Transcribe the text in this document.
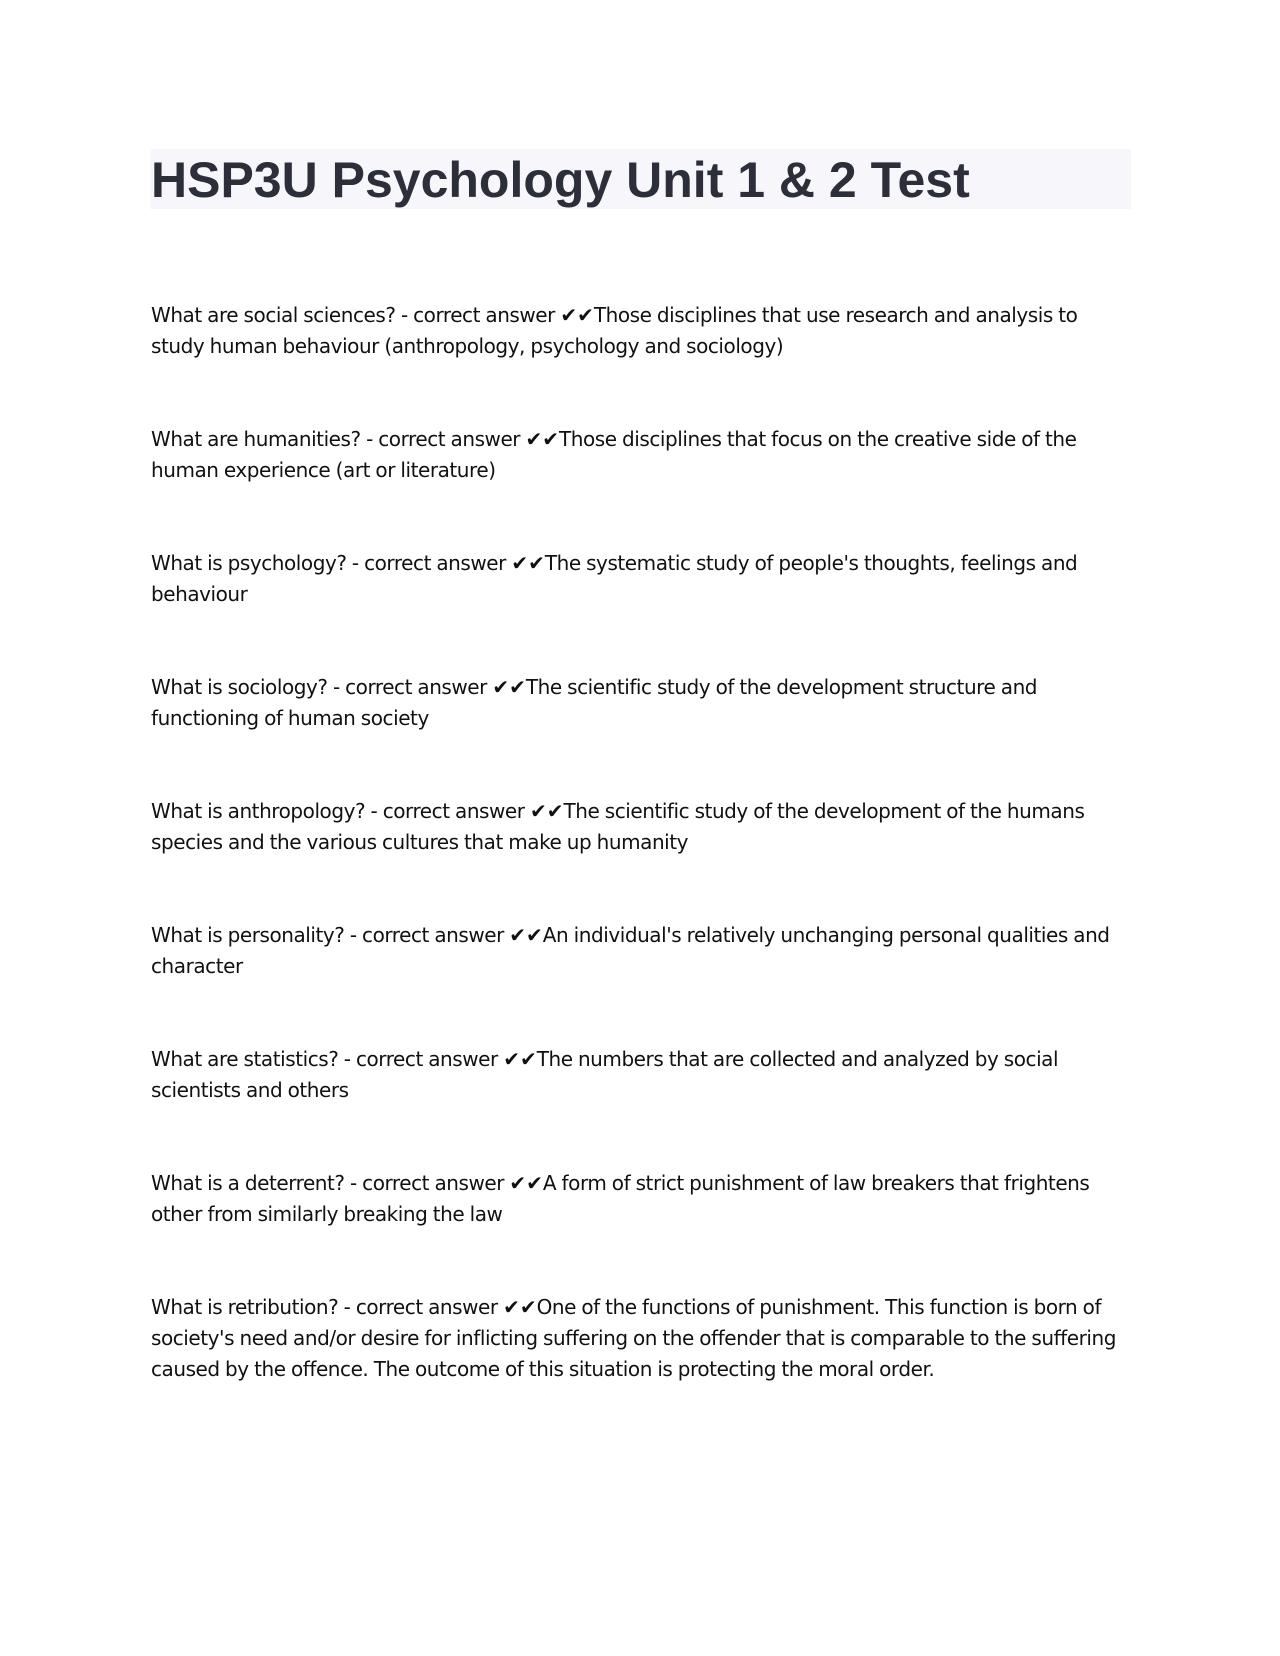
HSP3U Psychology Unit 1 & 2 Test

What are social sciences? - correct answer ✔✔Those disciplines that use research and analysis to study human behaviour (anthropology, psychology and sociology)

What are humanities? - correct answer ✔✔Those disciplines that focus on the creative side of the human experience (art or literature)

What is psychology? - correct answer ✔✔The systematic study of people's thoughts, feelings and behaviour

What is sociology? - correct answer ✔✔The scientific study of the development structure and functioning of human society

What is anthropology? - correct answer ✔✔The scientific study of the development of the humans species and the various cultures that make up humanity

What is personality? - correct answer ✔✔An individual's relatively unchanging personal qualities and character

What are statistics? - correct answer ✔✔The numbers that are collected and analyzed by social scientists and others

What is a deterrent? - correct answer ✔✔A form of strict punishment of law breakers that frightens other from similarly breaking the law

What is retribution? - correct answer ✔✔One of the functions of punishment. This function is born of society's need and/or desire for inflicting suffering on the offender that is comparable to the suffering caused by the offence. The outcome of this situation is protecting the moral order.
